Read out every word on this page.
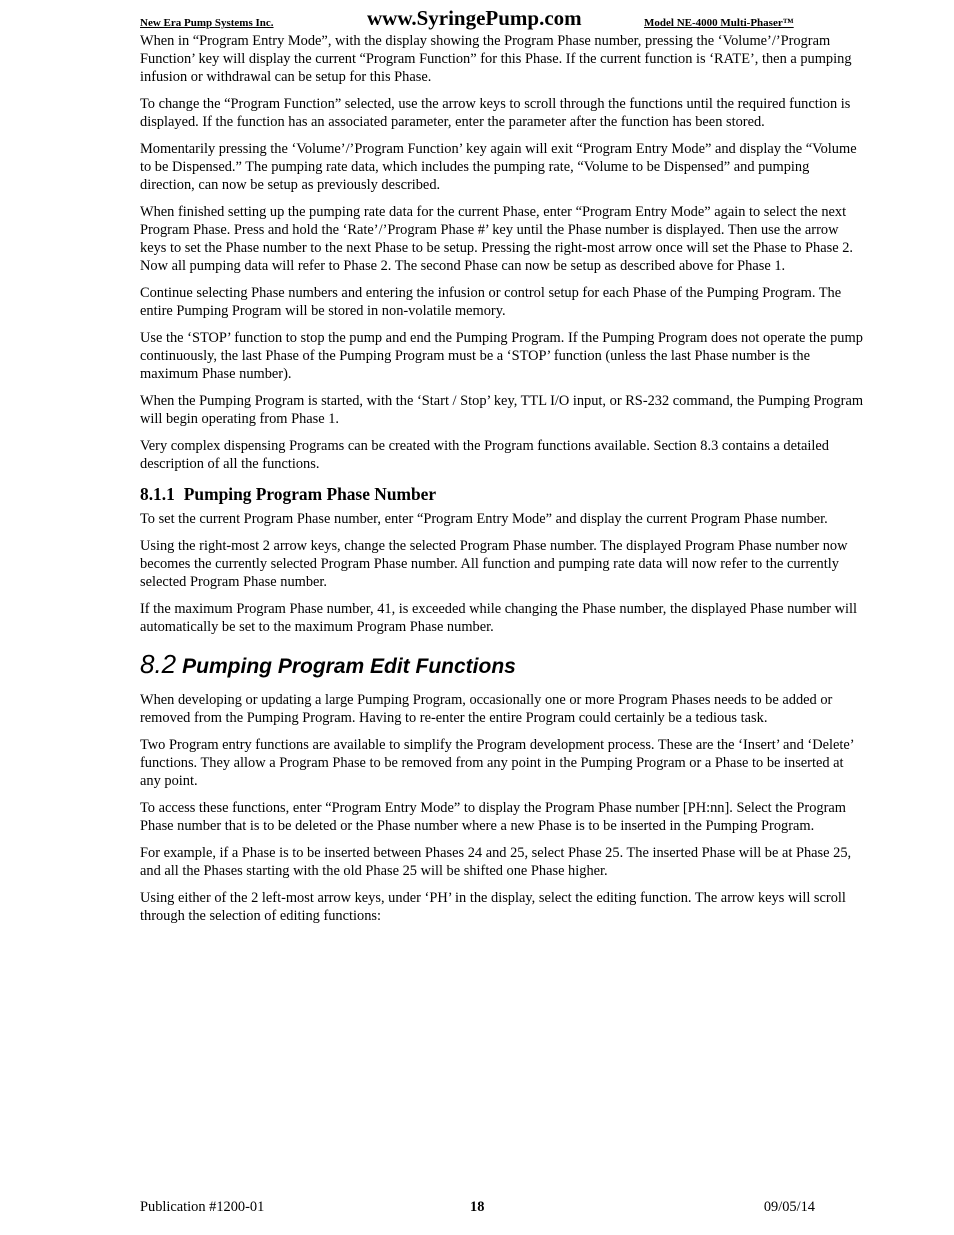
New Era Pump Systems Inc.	www.SyringePump.com	Model NE-4000 Multi-Phaser™

When in “Program Entry Mode”, with the display showing the Program Phase number, pressing the ‘Volume’/’Program Function’ key will display the current “Program Function” for this Phase. If the current function is ‘RATE’, then a pumping infusion or withdrawal can be setup for this Phase.

To change the “Program Function” selected, use the arrow keys to scroll through the functions until the required function is displayed. If the function has an associated parameter, enter the parameter after the function has been stored.

Momentarily pressing the ‘Volume’/’Program Function’ key again will exit “Program Entry Mode” and display the “Volume to be Dispensed.” The pumping rate data, which includes the pumping rate, “Volume to be Dispensed” and pumping direction, can now be setup as previously described.

When finished setting up the pumping rate data for the current Phase, enter “Program Entry Mode” again to select the next Program Phase. Press and hold the ‘Rate’/’Program Phase #’ key until the Phase number is displayed. Then use the arrow keys to set the Phase number to the next Phase to be setup. Pressing the right-most arrow once will set the Phase to Phase 2. Now all pumping data will refer to Phase 2. The second Phase can now be setup as described above for Phase 1.

Continue selecting Phase numbers and entering the infusion or control setup for each Phase of the Pumping Program. The entire Pumping Program will be stored in non-volatile memory.

Use the ‘STOP’ function to stop the pump and end the Pumping Program. If the Pumping Program does not operate the pump continuously, the last Phase of the Pumping Program must be a ‘STOP’ function (unless the last Phase number is the maximum Phase number).

When the Pumping Program is started, with the ‘Start / Stop’ key, TTL I/O input, or RS-232 command, the Pumping Program will begin operating from Phase 1.

Very complex dispensing Programs can be created with the Program functions available. Section 8.3 contains a detailed description of all the functions.

8.1.1 Pumping Program Phase Number

To set the current Program Phase number, enter “Program Entry Mode” and display the current Program Phase number.

Using the right-most 2 arrow keys, change the selected Program Phase number. The displayed Program Phase number now becomes the currently selected Program Phase number. All function and pumping rate data will now refer to the currently selected Program Phase number.

If the maximum Program Phase number, 41, is exceeded while changing the Phase number, the displayed Phase number will automatically be set to the maximum Program Phase number.

8.2 Pumping Program Edit Functions

When developing or updating a large Pumping Program, occasionally one or more Program Phases needs to be added or removed from the Pumping Program. Having to re-enter the entire Program could certainly be a tedious task.

Two Program entry functions are available to simplify the Program development process. These are the ‘Insert’ and ‘Delete’ functions. They allow a Program Phase to be removed from any point in the Pumping Program or a Phase to be inserted at any point.

To access these functions, enter “Program Entry Mode” to display the Program Phase number [PH:nn]. Select the Program Phase number that is to be deleted or the Phase number where a new Phase is to be inserted in the Pumping Program.

For example, if a Phase is to be inserted between Phases 24 and 25, select Phase 25. The inserted Phase will be at Phase 25, and all the Phases starting with the old Phase 25 will be shifted one Phase higher.

Using either of the 2 left-most arrow keys, under ‘PH’ in the display, select the editing function. The arrow keys will scroll through the selection of editing functions:

Publication #1200-01	18	09/05/14
